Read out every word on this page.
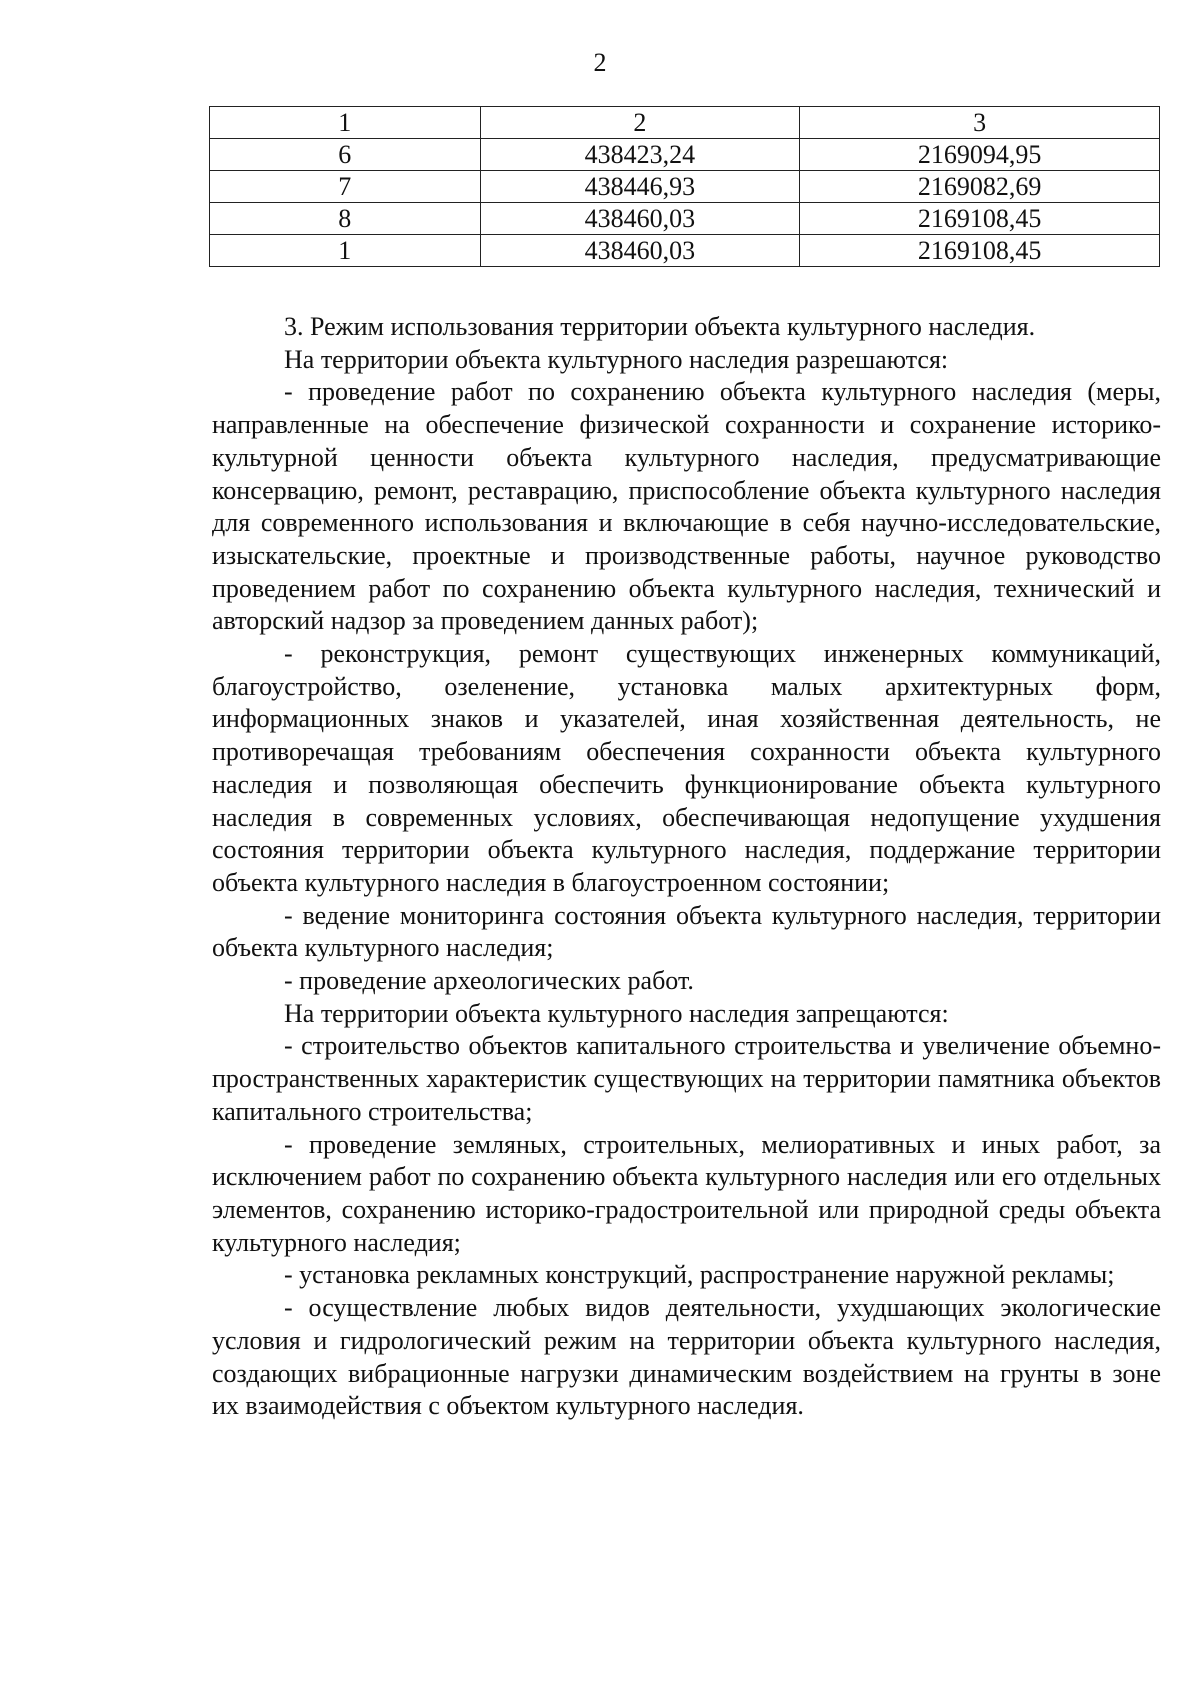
2
1	2	3
6	438423,24	2169094,95
7	438446,93	2169082,69
8	438460,03	2169108,45
1	438460,03	2169108,45

3. Режим использования территории объекта культурного наследия.

На территории объекта культурного наследия разрешаются:

- проведение работ по сохранению объекта культурного наследия (меры, направленные на обеспечение физической сохранности и сохранение историко-культурной ценности объекта культурного наследия, предусматривающие консервацию, ремонт, реставрацию, приспособление объекта культурного наследия для современного использования и включающие в себя научно-исследовательские, изыскательские, проектные и производственные работы, научное руководство проведением работ по сохранению объекта культурного наследия, технический и авторский надзор за проведением данных работ);

- реконструкция, ремонт существующих инженерных коммуникаций, благоустройство, озеленение, установка малых архитектурных форм, информационных знаков и указателей, иная хозяйственная деятельность, не противоречащая требованиям обеспечения сохранности объекта культурного наследия и позволяющая обеспечить функционирование объекта культурного наследия в современных условиях, обеспечивающая недопущение ухудшения состояния территории объекта культурного наследия, поддержание территории объекта культурного наследия в благоустроенном состоянии;

- ведение мониторинга состояния объекта культурного наследия, территории объекта культурного наследия;

- проведение археологических работ.

На территории объекта культурного наследия запрещаются:

- строительство объектов капитального строительства и увеличение объемно-пространственных характеристик существующих на территории памятника объектов капитального строительства;

- проведение земляных, строительных, мелиоративных и иных работ, за исключением работ по сохранению объекта культурного наследия или его отдельных элементов, сохранению историко-градостроительной или природной среды объекта культурного наследия;

- установка рекламных конструкций, распространение наружной рекламы;

- осуществление любых видов деятельности, ухудшающих экологические условия и гидрологический режим на территории объекта культурного наследия, создающих вибрационные нагрузки динамическим воздействием на грунты в зоне их взаимодействия с объектом культурного наследия.
